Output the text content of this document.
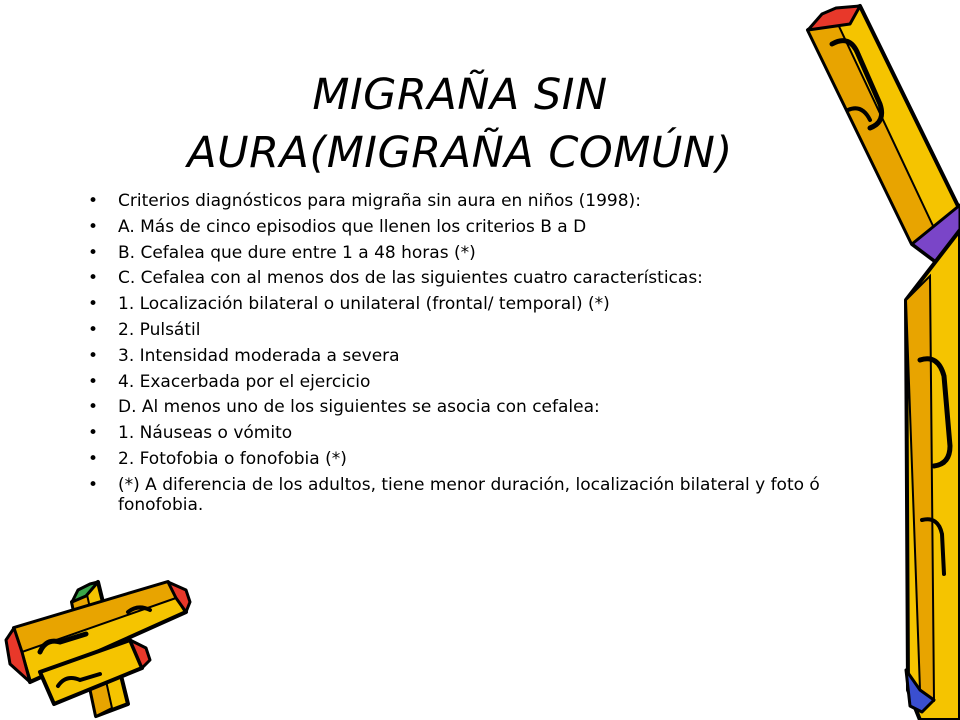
MIGRAÑA SIN
AURA(MIGRAÑA COMÚN)
• Criterios diagnósticos para migraña sin aura en niños (1998):
• A. Más de cinco episodios que llenen los criterios B a D
• B. Cefalea que dure entre 1 a 48 horas (*)
• C. Cefalea con al menos dos de las siguientes cuatro características:
• 1. Localización bilateral o unilateral (frontal/ temporal) (*)
• 2. Pulsátil
• 3. Intensidad moderada a severa
• 4. Exacerbada por el ejercicio
• D. Al menos uno de los siguientes se asocia con cefalea:
• 1. Náuseas o vómito
• 2. Fotofobia o fonofobia (*)
• (*) A diferencia de los adultos, tiene menor duración, localización bilateral y foto ó fonofobia.
